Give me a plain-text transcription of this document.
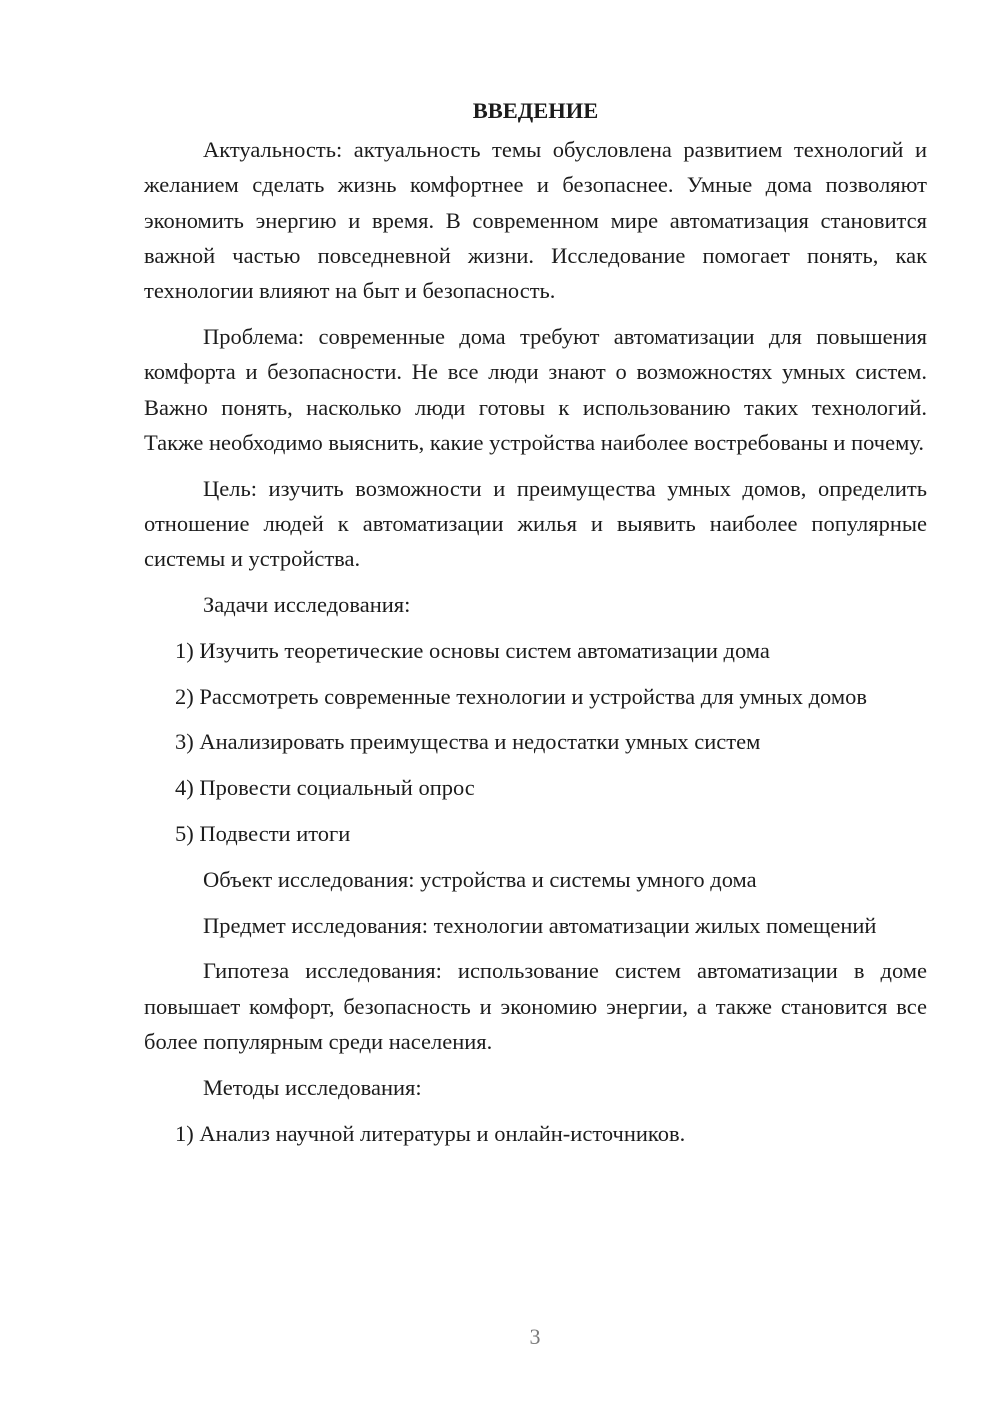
ВВЕДЕНИЕ

Актуальность: актуальность темы обусловлена развитием технологий и желанием сделать жизнь комфортнее и безопаснее. Умные дома позволяют экономить энергию и время. В современном мире автоматизация становится важной частью повседневной жизни. Исследование помогает понять, как технологии влияют на быт и безопасность.

Проблема: современные дома требуют автоматизации для повышения комфорта и безопасности. Не все люди знают о возможностях умных систем. Важно понять, насколько люди готовы к использованию таких технологий. Также необходимо выяснить, какие устройства наиболее востребованы и почему.

Цель: изучить возможности и преимущества умных домов, определить отношение людей к автоматизации жилья и выявить наиболее популярные системы и устройства.

Задачи исследования:

1) Изучить теоретические основы систем автоматизации дома

2) Рассмотреть современные технологии и устройства для умных домов

3) Анализировать преимущества и недостатки умных систем

4) Провести социальный опрос

5) Подвести итоги

Объект исследования: устройства и системы умного дома

Предмет исследования: технологии автоматизации жилых помещений

Гипотеза исследования: использование систем автоматизации в доме повышает комфорт, безопасность и экономию энергии, а также становится все более популярным среди населения.

Методы исследования:

1) Анализ научной литературы и онлайн-источников.

3
